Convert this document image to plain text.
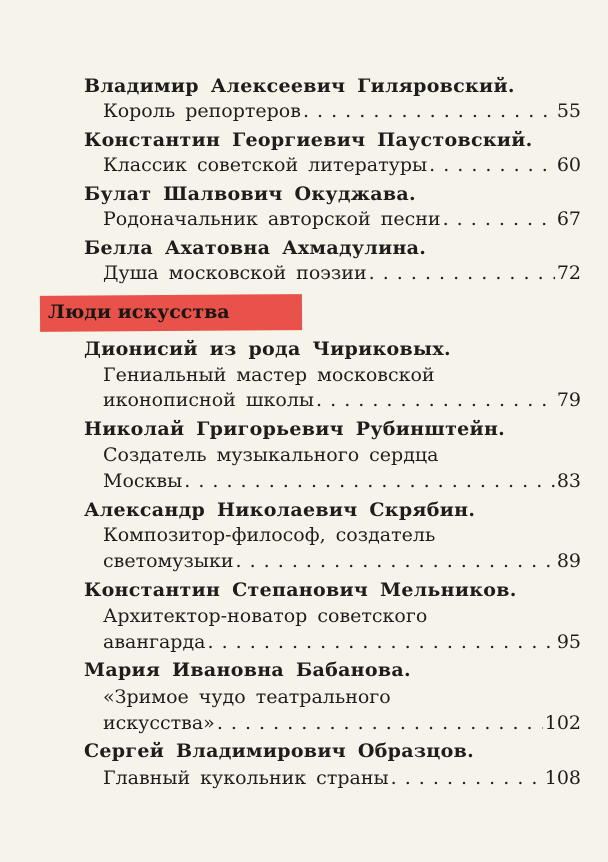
Владимир Алексеевич Гиляровский.
Король репортеров . . .	55
Константин Георгиевич Паустовский.
Классик советской литературы . . .	60
Булат Шалвович Окуджава.
Родоначальник авторской песни . . .	67
Белла Ахатовна Ахмадулина.
Душа московской поэзии . . .	72
Люди искусства
Дионисий из рода Чириковых.
Гениальный мастер московской
иконописной школы . . .	79
Николай Григорьевич Рубинштейн.
Создатель музыкального сердца
Москвы . . .	83
Александр Николаевич Скрябин.
Композитор-философ, создатель
светомузыки . . .	89
Константин Степанович Мельников.
Архитектор-новатор советского
авангарда . . .	95
Мария Ивановна Бабанова.
«Зримое чудо театрального
искусства» . . .	102
Сергей Владимирович Образцов.
Главный кукольник страны . . .	108
